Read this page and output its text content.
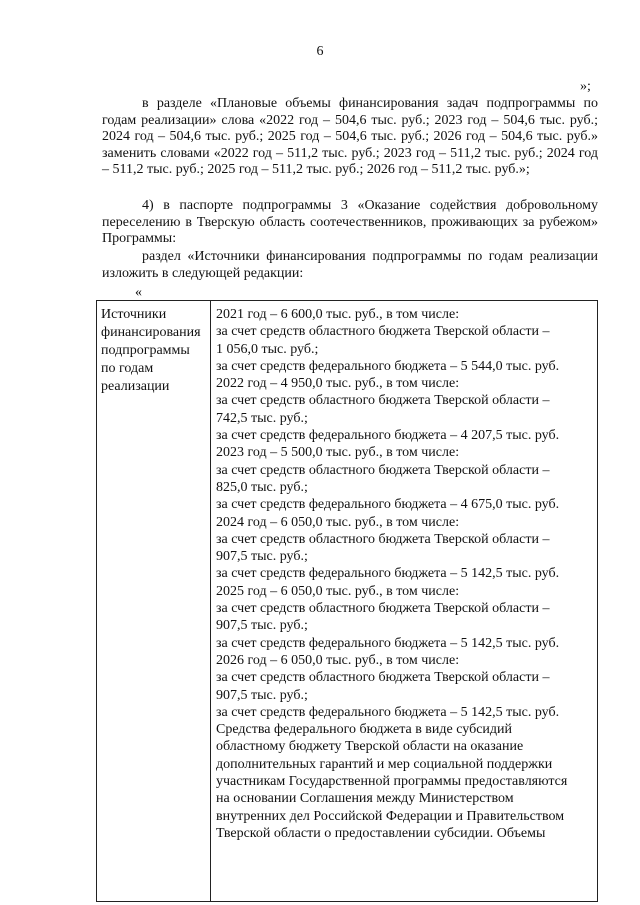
6
»;

в разделе «Плановые объемы финансирования задач подпрограммы по годам реализации» слова «2022 год – 504,6 тыс. руб.; 2023 год – 504,6 тыс. руб.; 2024 год – 504,6 тыс. руб.; 2025 год – 504,6 тыс. руб.; 2026 год – 504,6 тыс. руб.» заменить словами «2022 год – 511,2 тыс. руб.; 2023 год – 511,2 тыс. руб.; 2024 год – 511,2 тыс. руб.; 2025 год – 511,2 тыс. руб.; 2026 год – 511,2 тыс. руб.»;

4) в паспорте подпрограммы 3 «Оказание содействия добровольному переселению в Тверскую область соотечественников, проживающих за рубежом» Программы:

раздел «Источники финансирования подпрограммы по годам реализации изложить в следующей редакции:

«
Источники
финансирования
подпрограммы
по годам
реализации
2021 год – 6 600,0 тыс. руб., в том числе:
за счет средств областного бюджета Тверской области –
1 056,0 тыс. руб.;
за счет средств федерального бюджета – 5 544,0 тыс. руб.
2022 год – 4 950,0 тыс. руб., в том числе:
за счет средств областного бюджета Тверской области –
742,5 тыс. руб.;
за счет средств федерального бюджета – 4 207,5 тыс. руб.
2023 год – 5 500,0 тыс. руб., в том числе:
за счет средств областного бюджета Тверской области –
825,0 тыс. руб.;
за счет средств федерального бюджета – 4 675,0 тыс. руб.
2024 год – 6 050,0 тыс. руб., в том числе:
за счет средств областного бюджета Тверской области –
907,5 тыс. руб.;
за счет средств федерального бюджета – 5 142,5 тыс. руб.
2025 год – 6 050,0 тыс. руб., в том числе:
за счет средств областного бюджета Тверской области –
907,5 тыс. руб.;
за счет средств федерального бюджета – 5 142,5 тыс. руб.
2026 год – 6 050,0 тыс. руб., в том числе:
за счет средств областного бюджета Тверской области –
907,5 тыс. руб.;
за счет средств федерального бюджета – 5 142,5 тыс. руб.
Средства федерального бюджета в виде субсидий
областному бюджету Тверской области на оказание
дополнительных гарантий и мер социальной поддержки
участникам Государственной программы предоставляются
на основании Соглашения между Министерством
внутренних дел Российской Федерации и Правительством
Тверской области о предоставлении субсидии. Объемы
